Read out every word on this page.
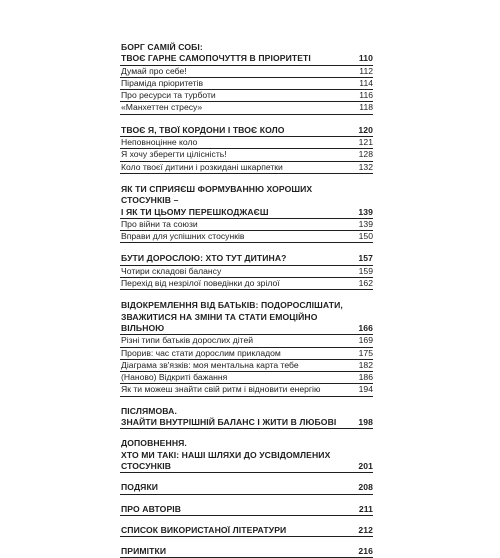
БОРГ САМІЙ СОБІ:
ТВОЄ ГАРНЕ САМОПОЧУТТЯ В ПРІОРИТЕТІ	110
Думай про себе!	112
Піраміда пріоритетів	114
Про ресурси та турботи	116
«Манхеттен стресу»	118
ТВОЄ Я, ТВОЇ КОРДОНИ І ТВОЄ КОЛО	120
Неповноцінне коло	121
Я хочу зберегти цілісність!	128
Коло твоєї дитини і розкидані шкарпетки	132
ЯК ТИ СПРИЯЄШ ФОРМУВАННЮ ХОРОШИХ СТОСУНКІВ –
І ЯК ТИ ЦЬОМУ ПЕРЕШКОДЖАЄШ	139
Про війни та союзи	139
Вправи для успішних стосунків	150
БУТИ ДОРОСЛОЮ: ХТО ТУТ ДИТИНА?	157
Чотири складові балансу	159
Перехід від незрілої поведінки до зрілої	162
ВІДОКРЕМЛЕННЯ ВІД БАТЬКІВ: ПОДОРОСЛІШАТИ,
ЗВАЖИТИСЯ НА ЗМІНИ ТА СТАТИ ЕМОЦІЙНО ВІЛЬНОЮ	166
Різні типи батьків дорослих дітей	169
Прорив: час стати дорослим прикладом	175
Діаграма зв'язків: моя ментальна карта тебе	182
(Наново) Відкриті бажання	186
Як ти можеш знайти свій ритм і відновити енергію	194
ПІСЛЯМОВА.
ЗНАЙТИ ВНУТРІШНІЙ БАЛАНС І ЖИТИ В ЛЮБОВІ	198
ДОПОВНЕННЯ.
ХТО МИ ТАКІ: НАШІ ШЛЯХИ ДО УСВІДОМЛЕНИХ СТОСУНКІВ	201
ПОДЯКИ	208
ПРО АВТОРІВ	211
СПИСОК ВИКОРИСТАНОЇ ЛІТЕРАТУРИ	212
ПРИМІТКИ	216
